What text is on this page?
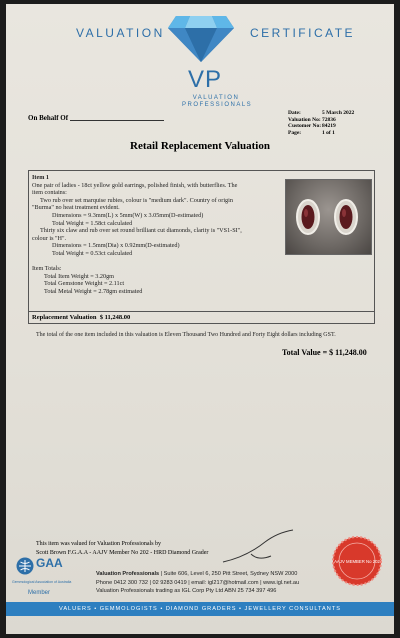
VALUATION	CERTIFICATE
VP
VALUATION PROFESSIONALS
On Behalf Of
Date:	5 March 2022
Valuation No: 72836
Customer No: 84219
Page:	1 of 1
Retail Replacement Valuation
Item 1
One pair of ladies - 18ct yellow gold earrings, polished finish, with butterflies. The
item contains:
Two rub over set marquise rubies, colour is "medium dark". Country of origin
"Burma" no heat treatment evident.
Dimensions = 9.3mm(L) x 5mm(W) x 3.05mm(D-estimated)
Total Weight = 1.58ct calculated
Thirty six claw and rub over set round brilliant cut diamonds, clarity is "VS1-SI",
colour is "H".
Dimensions = 1.5mm(Dia) x 0.92mm(D-estimated)
Total Weight = 0.53ct calculated

Item Totals:
Total Item Weight = 3.20gm
Total Gemstone Weight = 2.11ct
Total Metal Weight = 2.78gm estimated
Replacement Valuation $ 11,248.00
The total of the one item included in this valuation is Eleven Thousand Two Hundred and Forty Eight dollars including GST.
Total Value = $ 11,248.00
This item was valued for Valuation Professionals by
Scott Brown F.G.A.A - AAJV Member No 202 - HRD Diamond Grader
GAA
Gemmological Association of Australia
Member
Valuation Professionals | Suite 606, Level 6, 250 Pitt Street, Sydney NSW 2000
Phone 0412 300 732 | 02 9283 0419 | email: igl217@hotmail.com | www.igl.net.au
Valuation Professionals trading as IGL Corp Pty Ltd ABN 25 734 397 496
AAJV MEMBER No 202
VALUERS • GEMMOLOGISTS • DIAMOND GRADERS • JEWELLERY CONSULTANTS
